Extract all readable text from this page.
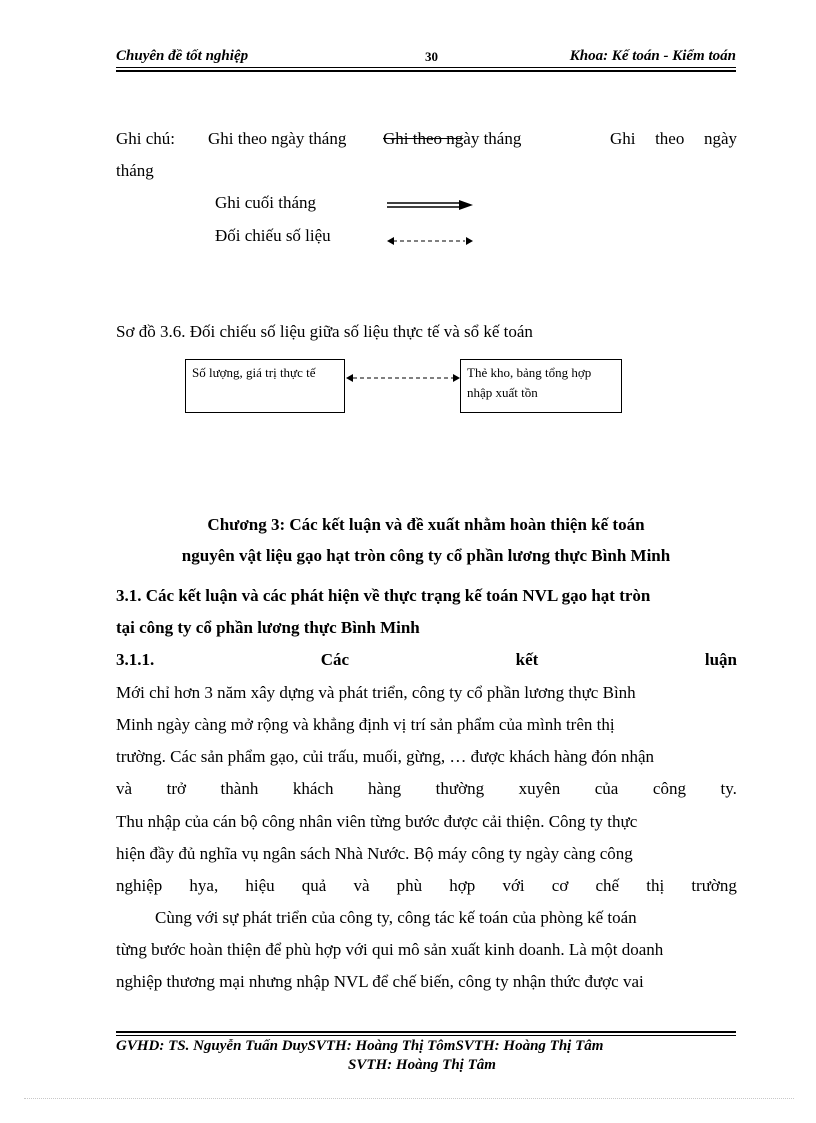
Chuyên đề tốt nghiệp	30	Khoa: Kế toán - Kiểm toán
Ghi chú: Ghi theo ngày tháng Ghi theo ngày tháng	Ghi theo ngày
tháng
Ghi cuối tháng
Đối chiếu số liệu
Sơ đồ 3.6. Đối chiếu số liệu giữa số liệu thực tế và sổ kế toán
Số lượng, giá trị thực tế	Thẻ kho, bảng tổng hợp nhập xuất tồn
Chương 3: Các kết luận và đề xuất nhằm hoàn thiện kế toán
nguyên vật liệu gạo hạt tròn công ty cổ phần lương thực Bình Minh
3.1. Các kết luận và các phát hiện về thực trạng kế toán NVL gạo hạt tròn
tại công ty cổ phần lương thực Bình Minh
3.1.1.	Các	kết	luận
Mới chỉ hơn 3 năm xây dựng và phát triển, công ty cổ phần lương thực Bình
Minh ngày càng mở rộng và khẳng định vị trí sản phẩm của mình trên thị
trường. Các sản phẩm gạo, củi trấu, muối, gừng, … được khách hàng đón nhận
và trở thành khách hàng thường xuyên của công ty.
Thu nhập của cán bộ công nhân viên từng bước được cải thiện. Công ty thực
hiện đầy đủ nghĩa vụ ngân sách Nhà Nước. Bộ máy công ty ngày càng công
nghiệp hya, hiệu quả và phù hợp với cơ chế thị trường
Cùng với sự phát triển của công ty, công tác kế toán của phòng kế toán
từng bước hoàn thiện để phù hợp với qui mô sản xuất kinh doanh. Là một doanh
nghiệp thương mại nhưng nhập NVL để chế biến, công ty nhận thức được vai
GVHD: TS. Nguyễn Tuấn DuySVTH: Hoàng Thị TômSVTH: Hoàng Thị Tâm
SVTH: Hoàng Thị Tâm
